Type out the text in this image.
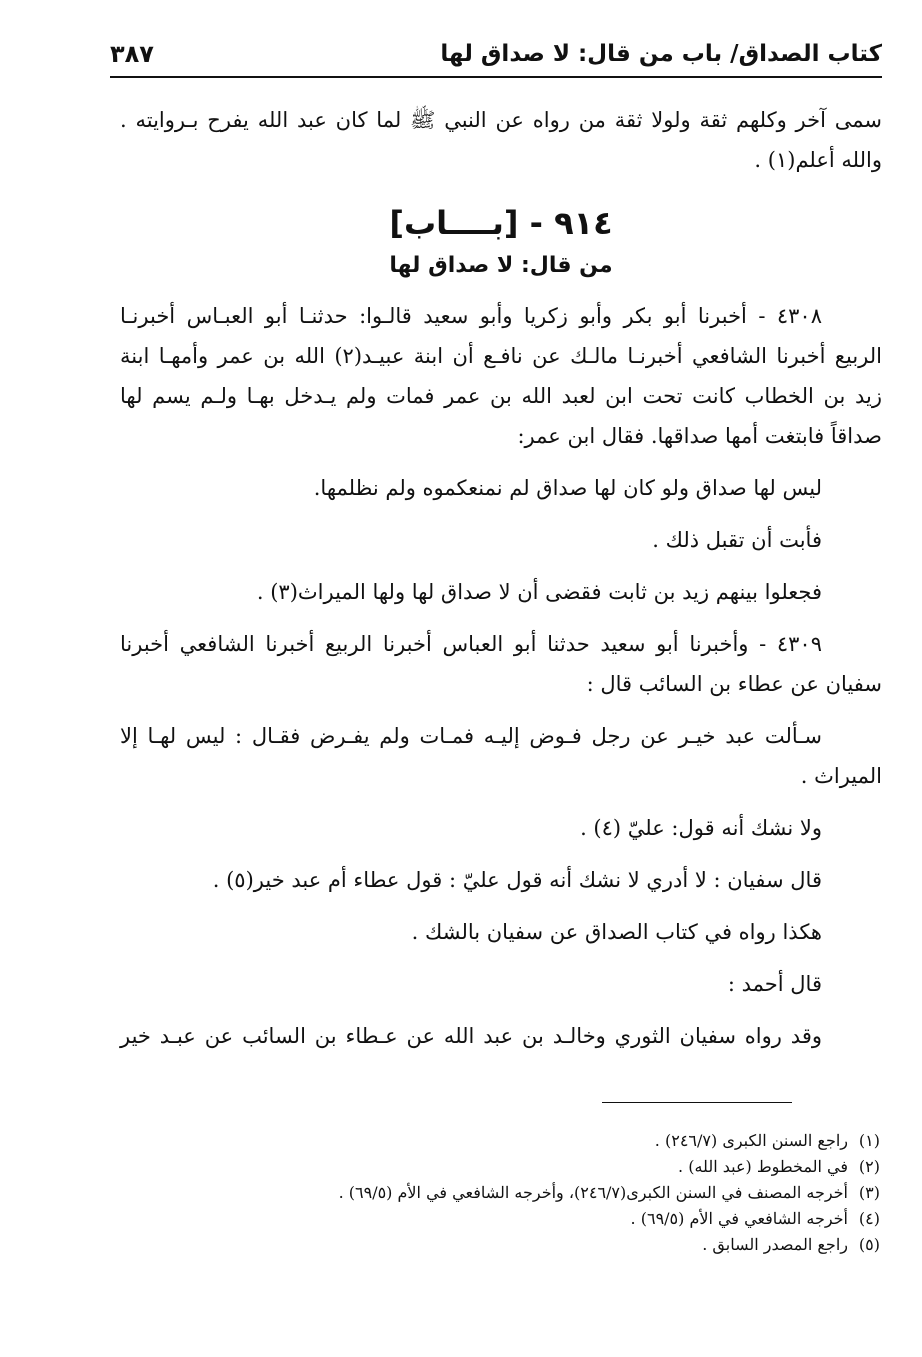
كتاب الصداق/ باب من قال: لا صداق لها
٣٨٧
سمى آخر وكلهم ثقة ولولا ثقة من رواه عن النبي ﷺ لما كان عبد الله يفرح بـروايته .
والله أعلم(١) .
٩١٤ - [بــــاب]
من قال: لا صداق لها
٤٣٠٨ - أخبرنا أبو بكر وأبو زكريا وأبو سعيد قالـوا: حدثنـا أبو العبـاس أخبرنـا
الربيع أخبرنا الشافعي أخبرنـا مالـك عن نافـع أن ابنة عبيـد(٢) الله بن عمر وأمهـا ابنة
زيد بن الخطاب كانت تحت ابن لعبد الله بن عمر فمات ولم يـدخل بهـا ولـم يسم لها
صداقاً فابتغت أمها صداقها. فقال ابن عمر:
ليس لها صداق ولو كان لها صداق لم نمنعكموه ولم نظلمها.
فأبت أن تقبل ذلك .
فجعلوا بينهم زيد بن ثابت فقضى أن لا صداق لها ولها الميراث(٣) .
٤٣٠٩ - وأخبرنا أبو سعيد حدثنا أبو العباس أخبرنا الربيع أخبرنا الشافعي أخبرنا
سفيان عن عطاء بن السائب قال :
سـألت عبد خيـر عن رجل فـوض إليـه فمـات ولم يفـرض فقـال : ليس لهـا إلا
الميراث .
ولا نشك أنه قول: عليّ (٤) .
قال سفيان : لا أدري لا نشك أنه قول عليّ : قول عطاء أم عبد خير(٥) .
هكذا رواه في كتاب الصداق عن سفيان بالشك .
قال أحمد :
وقد رواه سفيان الثوري وخالـد بن عبد الله عن عـطاء بن السائب عن عبـد خير
(١)راجع السنن الكبرى (٢٤٦/٧) .
(٢)في المخطوط (عبد الله) .
(٣)أخرجه المصنف في السنن الكبرى(٢٤٦/٧)، وأخرجه الشافعي في الأم (٦٩/٥) .
(٤)أخرجه الشافعي في الأم (٦٩/٥) .
(٥)راجع المصدر السابق .
